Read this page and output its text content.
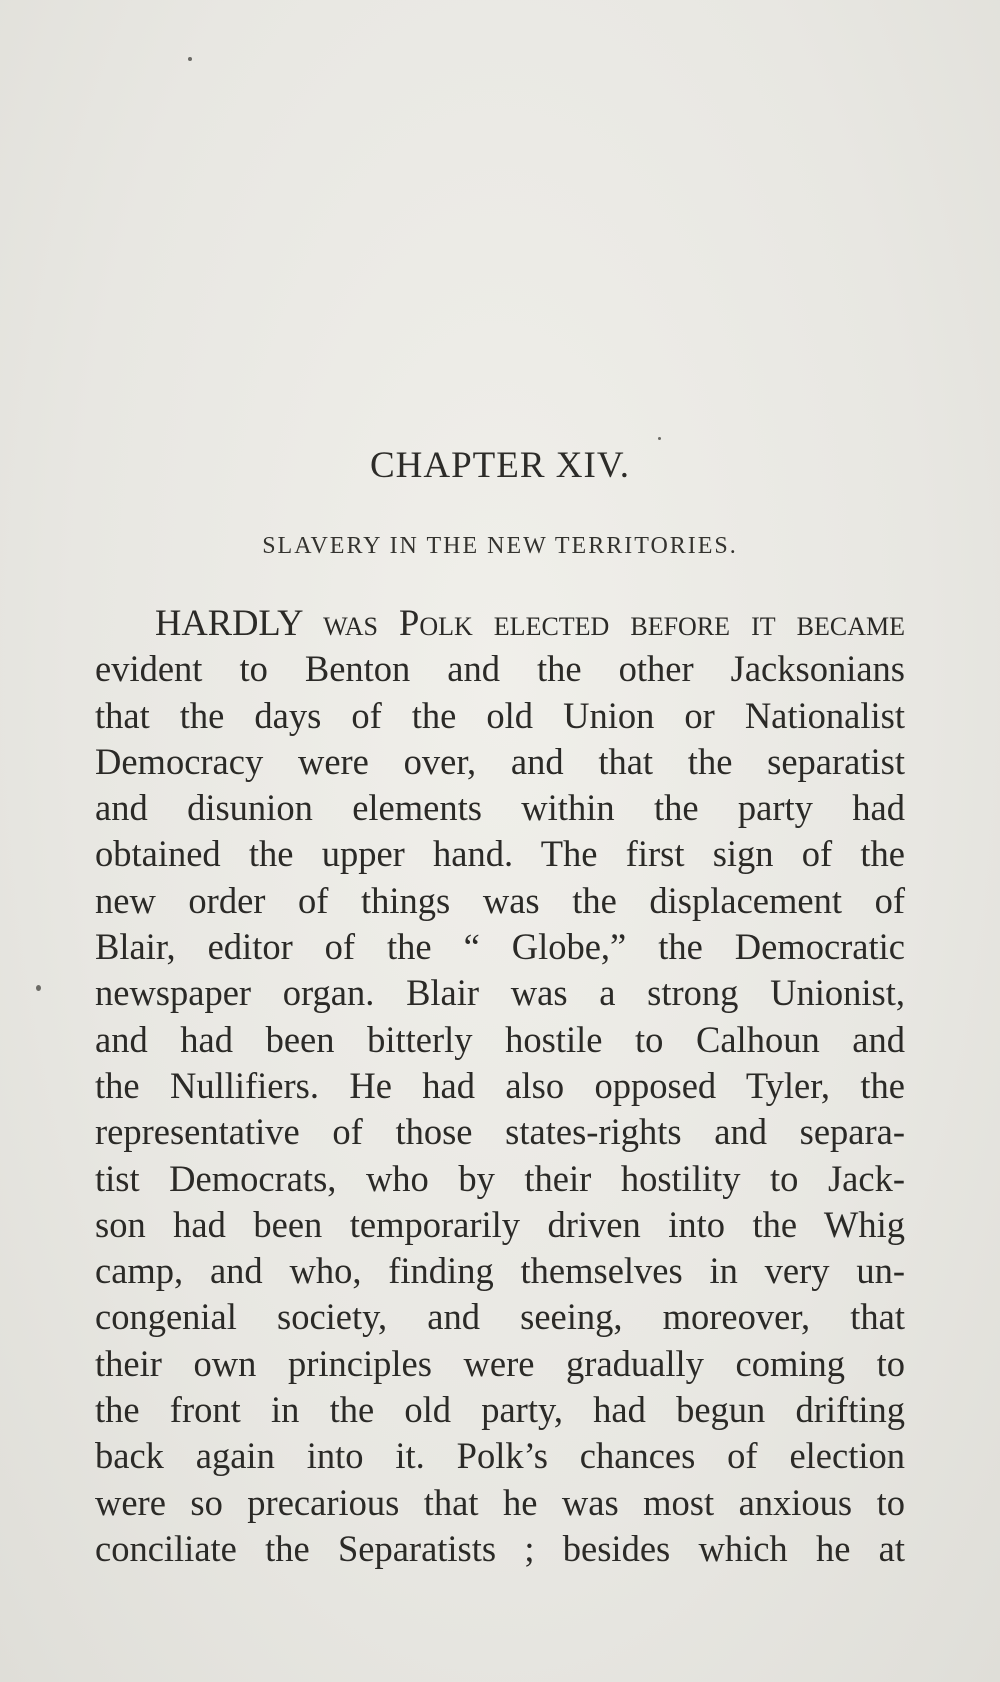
CHAPTER XIV.
SLAVERY IN THE NEW TERRITORIES.
HARDLY was Polk elected before it became
evident to Benton and the other Jacksonians
that the days of the old Union or Nationalist
Democracy were over, and that the separatist
and disunion elements within the party had
obtained the upper hand. The first sign of the
new order of things was the displacement of
Blair, editor of the “ Globe,” the Democratic
newspaper organ. Blair was a strong Unionist,
and had been bitterly hostile to Calhoun and
the Nullifiers. He had also opposed Tyler, the
representative of those states-rights and separa-
tist Democrats, who by their hostility to Jack-
son had been temporarily driven into the Whig
camp, and who, finding themselves in very un-
congenial society, and seeing, moreover, that
their own principles were gradually coming to
the front in the old party, had begun drifting
back again into it. Polk’s chances of election
were so precarious that he was most anxious to
conciliate the Separatists ; besides which he at
